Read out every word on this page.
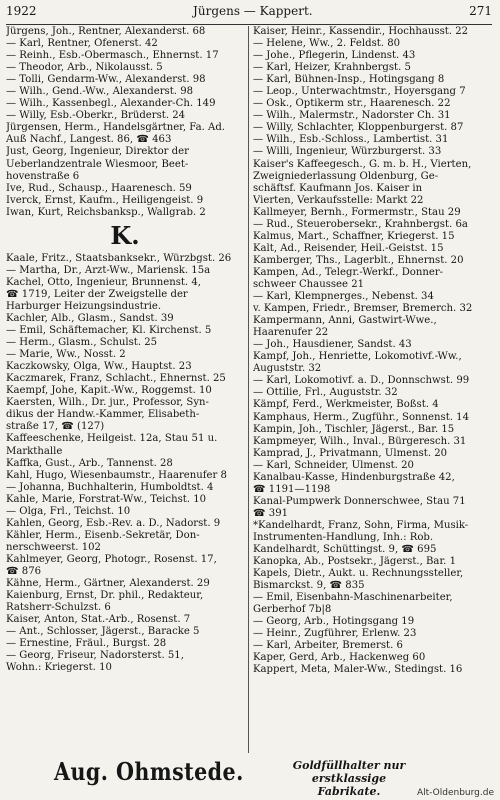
1922	Jürgens — Kappert.	271
Jürgens, Joh., Rentner, Alexanderst. 68
— Karl, Rentner, Ofenerst. 42
— Reinh., Esb.-Obermasch., Ehnernst. 17
— Theodor, Arb., Nikolausst. 5
— Tolli, Gendarm-Ww., Alexanderst. 98
— Wilh., Gend.-Ww., Alexanderst. 98
— Wilh., Kassenbegl., Alexander-Ch. 149
— Willy, Esb.-Oberkr., Brüderst. 24
Jürgensen, Herm., Handelsgärtner, Fa. Ad.
Auß Nachf., Langest. 86, ☎ 463
Just, Georg, Ingenieur, Direktor der
Ueberlandzentrale Wiesmoor, Beet-
hovenstraße 6
Ive, Rud., Schausp., Haarenesch. 59
Iverck, Ernst, Kaufm., Heiligengeist. 9
Iwan, Kurt, Reichsbanksp., Wallgrab. 2
K.
Kaale, Fritz., Staatsbanksekr., Würzbgst. 26
— Martha, Dr., Arzt-Ww., Mariensk. 15a
Kachel, Otto, Ingenieur, Brunnenst. 4,
☎ 1719, Leiter der Zweigstelle der
Harburger Heizungsindustrie.
Kachler, Alb., Glasm., Sandst. 39
— Emil, Schäftemacher, Kl. Kirchenst. 5
— Herm., Glasm., Schulst. 25
— Marie, Ww., Nosst. 2
Kaczkowsky, Olga, Ww., Hauptst. 23
Kaczmarek, Franz, Schlacht., Ehnernst. 25
Kaempf, Johe, Kapit.-Ww., Roggemst. 10
Kaersten, Wilh., Dr. jur., Professor, Syn-
dikus der Handw.-Kammer, Elisabeth-
straße 17, ☎ (127)
Kaffeeschenke, Heilgeist. 12a, Stau 51 u.
Markthalle
Kaffka, Gust., Arb., Tannenst. 28
Kahl, Hugo, Wiesenbaumstr., Haarenufer 8
— Johanna, Buchhalterin, Humboldtst. 4
Kahle, Marie, Forstrat-Ww., Teichst. 10
— Olga, Frl., Teichst. 10
Kahlen, Georg, Esb.-Rev. a. D., Nadorst. 9
Kähler, Herm., Eisenb.-Sekretär, Don-
nerschweerst. 102
Kahlmeyer, Georg, Photogr., Rosenst. 17,
☎ 876
Kähne, Herm., Gärtner, Alexanderst. 29
Kaienburg, Ernst, Dr. phil., Redakteur,
Ratsherr-Schulzst. 6
Kaiser, Anton, Stat.-Arb., Rosenst. 7
— Ant., Schlosser, Jägerst., Baracke 5
— Ernestine, Fräul., Burgst. 28
— Georg, Friseur, Nadorsterst. 51,
Wohn.: Kriegerst. 10
Kaiser, Heinr., Kassendir., Hochhausst. 22
— Helene, Ww., 2. Feldst. 80
— Johe., Pflegerin, Lindenst. 43
— Karl, Heizer, Krahnbergst. 5
— Karl, Bühnen-Insp., Hotingsgang 8
— Leop., Unterwachtmstr., Hoyersgang 7
— Osk., Optikerm str., Haarenesch. 22
— Wilh., Malermstr., Nadorster Ch. 31
— Willy, Schlachter, Kloppenburgerst. 87
— Wilh., Esb.-Schloss., Lambertist. 31
— Willi, Ingenieur, Würzburgerst. 33
Kaiser's Kaffeegesch., G. m. b. H., Vierten,
Zweigniederlassung Oldenburg, Ge-
schäftsf. Kaufmann Jos. Kaiser in
Vierten, Verkaufsstelle: Markt 22
Kallmeyer, Bernh., Formermstr., Stau 29
— Rud., Steuerobersekr., Krahnbergst. 6a
Kalmus, Mart., Schaffner, Kriegerst. 15
Kalt, Ad., Reisender, Heil.-Geistst. 15
Kamberger, Ths., Lagerblt., Ehnernst. 20
Kampen, Ad., Telegr.-Werkf., Donner-
schweer Chaussee 21
— Karl, Klempnerges., Nebenst. 34
v. Kampen, Friedr., Bremser, Bremerch. 32
Kampermann, Anni, Gastwirt-Wwe.,
Haarenufer 22
— Joh., Hausdiener, Sandst. 43
Kampf, Joh., Henriette, Lokomotivf.-Ww.,
Auguststr. 32
— Karl, Lokomotivf. a. D., Donnschwst. 99
— Ottilie, Frl., Auguststr. 32
Kämpf, Ferd., Werkmeister, Boßst. 4
Kamphaus, Herm., Zugführ., Sonnenst. 14
Kampin, Joh., Tischler, Jägerst., Bar. 15
Kampmeyer, Wilh., Inval., Bürgeresch. 31
Kamprad, J., Privatmann, Ulmenst. 20
— Karl, Schneider, Ulmenst. 20
Kanalbau-Kasse, Hindenburgstraße 42,
☎ 1191—1198
Kanal-Pumpwerk Donnerschwee, Stau 71
☎ 391
*Kandelhardt, Franz, Sohn, Firma, Musik-
Instrumenten-Handlung, Inh.: Rob.
Kandelhardt, Schüttingst. 9, ☎ 695
Kanopka, Ab., Postsekr., Jägerst., Bar. 1
Kapels, Dietr., Aukt. u. Rechnungssteller,
Bismarckst. 9, ☎ 835
— Emil, Eisenbahn-Maschinenarbeiter,
Gerberhof 7b|8
— Georg, Arb., Hotingsgang 19
— Heinr., Zugführer, Erlenw. 23
— Karl, Arbeiter, Bremerst. 6
Kaper, Gerd, Arb., Hackenweg 60
Kappert, Meta, Maler-Ww., Stedingst. 16
Aug. Ohmstede.	Goldfüllhalter nur erstklassige
Fabrikate.	Alt-Oldenburg.de
